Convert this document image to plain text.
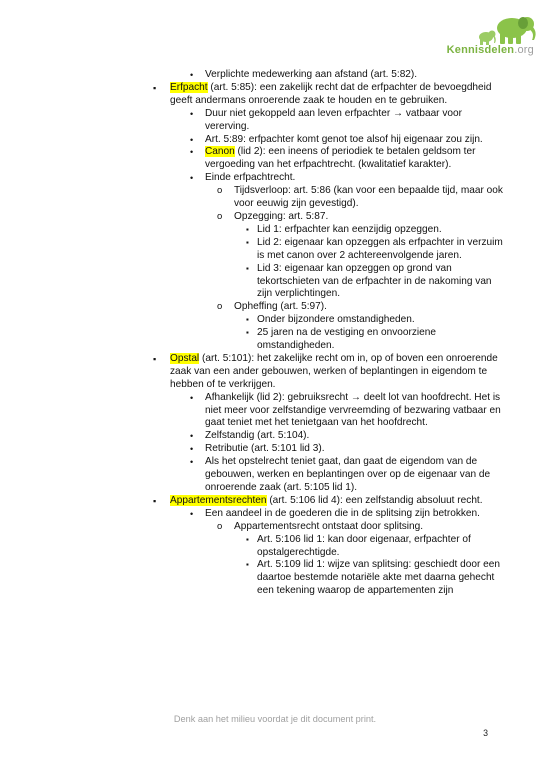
Kennisdelen.org
• Verplichte medewerking aan afstand (art. 5:82).
▪ Erfpacht (art. 5:85): een zakelijk recht dat de erfpachter de bevoegdheid geeft andermans onroerende zaak te houden en te gebruiken.
• Duur niet gekoppeld aan leven erfpachter → vatbaar voor vererving.
• Art. 5:89: erfpachter komt genot toe alsof hij eigenaar zou zijn.
• Canon (lid 2): een ineens of periodiek te betalen geldsom ter vergoeding van het erfpachtrecht. (kwalitatief karakter).
• Einde erfpachtrecht.
o Tijdsverloop: art. 5:86 (kan voor een bepaalde tijd, maar ook voor eeuwig zijn gevestigd).
o Opzegging: art. 5:87.
▪ Lid 1: erfpachter kan eenzijdig opzeggen.
▪ Lid 2: eigenaar kan opzeggen als erfpachter in verzuim is met canon over 2 achtereenvolgende jaren.
▪ Lid 3: eigenaar kan opzeggen op grond van tekortschieten van de erfpachter in de nakoming van zijn verplichtingen.
o Opheffing (art. 5:97).
▪ Onder bijzondere omstandigheden.
▪ 25 jaren na de vestiging en onvoorziene omstandigheden.
▪ Opstal (art. 5:101): het zakelijke recht om in, op of boven een onroerende zaak van een ander gebouwen, werken of beplantingen in eigendom te hebben of te verkrijgen.
• Afhankelijk (lid 2): gebruiksrecht → deelt lot van hoofdrecht. Het is niet meer voor zelfstandige vervreemding of bezwaring vatbaar en gaat teniet met het tenietgaan van het hoofdrecht.
• Zelfstandig (art. 5:104).
• Retributie (art. 5:101 lid 3).
• Als het opstelrecht teniet gaat, dan gaat de eigendom van de gebouwen, werken en beplantingen over op de eigenaar van de onroerende zaak (art. 5:105 lid 1).
▪ Appartementsrechten (art. 5:106 lid 4): een zelfstandig absoluut recht.
• Een aandeel in de goederen die in de splitsing zijn betrokken.
o Appartementsrecht ontstaat door splitsing.
▪ Art. 5:106 lid 1: kan door eigenaar, erfpachter of opstalgerechtigde.
▪ Art. 5:109 lid 1: wijze van splitsing: geschiedt door een daartoe bestemde notariële akte met daarna gehecht een tekening waarop de appartementen zijn
Denk aan het milieu voordat je dit document print.
3
